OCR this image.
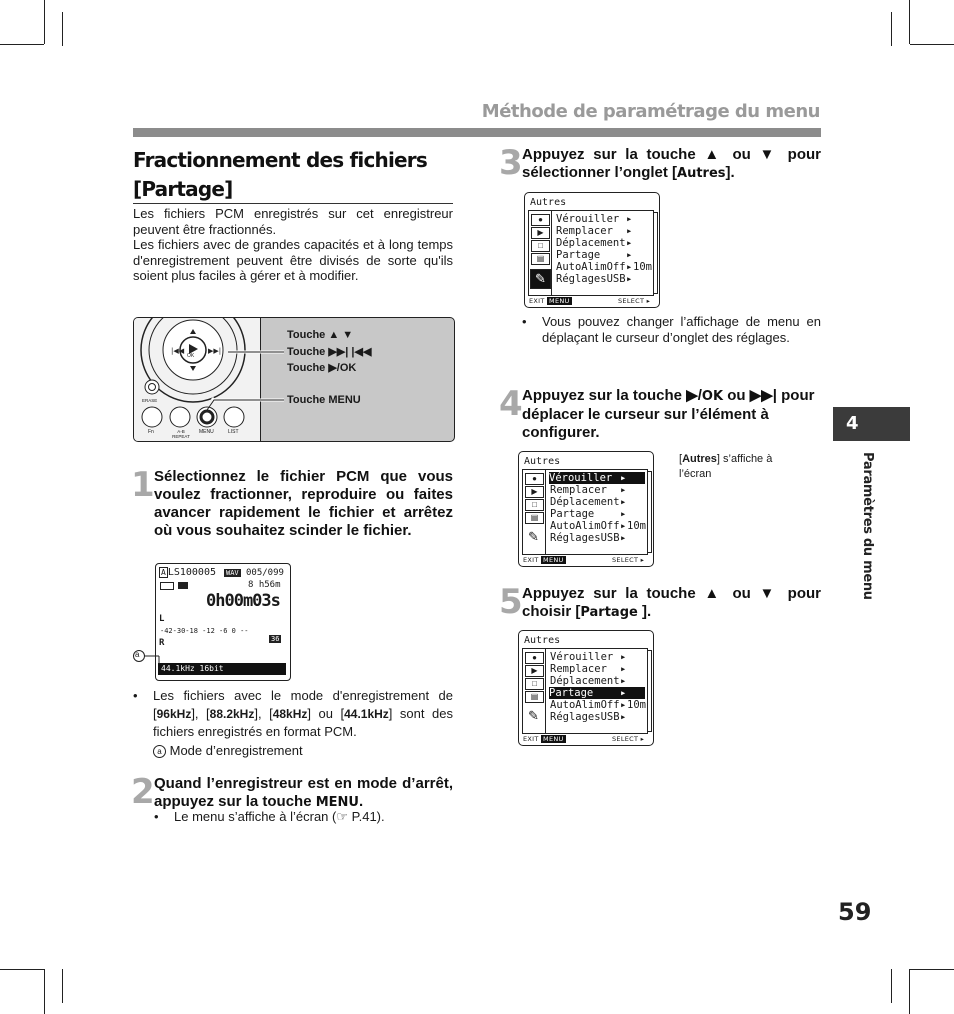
Méthode de paramétrage du menu
Fractionnement des fichiers
[Partage]
Les fichiers PCM enregistrés sur cet enregistreur peuvent être fractionnés.
Les fichiers avec de grandes capacités et à long temps d'enregistrement peuvent être divisés de sorte qu'ils soient plus faciles à gérer et à modifier.
|◀◀	▶▶|
OK
ERASE
Fn	A-B REPEAT
MENU	LIST
Touche ▲ ▼
Touche ▶▶| |◀◀
Touche ▶/OK
Touche MENU
1 Sélectionnez le fichier PCM que vous voulez fractionner, reproduire ou faites avancer rapidement le fichier et arrêtez où vous souhaitez scinder le fichier.
A LS100005 WAV 005/099
8 h56m
0h00m03s
L
R
-42-30-18 -12 -6 0 --
36
44.1kHz 16bit
a
• Les fichiers avec le mode d'enregistrement de [96kHz], [88.2kHz], [48kHz] ou [44.1kHz] sont des fichiers enregistrés en format PCM.
a Mode d’enregistrement
2 Quand l’enregistreur est en mode d’arrêt, appuyez sur la touche MENU.
• Le menu s’affiche à l’écran (☞ P.41).
3 Appuyez sur la touche ▲ ou ▼ pour sélectionner l’onglet [Autres].
Autres
●
▶
□
▤
✎
Vérouiller ▸
Remplacer ▸
Déplacement ▸
Partage ▸
AutoAlimOff ▸ 10m
RéglagesUSB ▸
EXIT MENU	SELECT ▸
• Vous pouvez changer l’affichage de menu en déplaçant le curseur d’onglet des réglages.
4 Appuyez sur la touche ▶/OK ou ▶▶| pour déplacer le curseur sur l’élément à configurer.
Autres
●
▶
□
▤
✎
Vérouiller ▸
Remplacer ▸
Déplacement ▸
Partage ▸
AutoAlimOff ▸ 10m
RéglagesUSB ▸
EXIT MENU	SELECT ▸
[Autres] s’affiche à l’écran
5 Appuyez sur la touche ▲ ou ▼ pour choisir [Partage ].
Autres
●
▶
□
▤
✎
Vérouiller ▸
Remplacer ▸
Déplacement ▸
Partage	▸
AutoAlimOff ▸ 10m
RéglagesUSB ▸
EXIT MENU	SELECT ▸
4
Paramètres du menu
59
